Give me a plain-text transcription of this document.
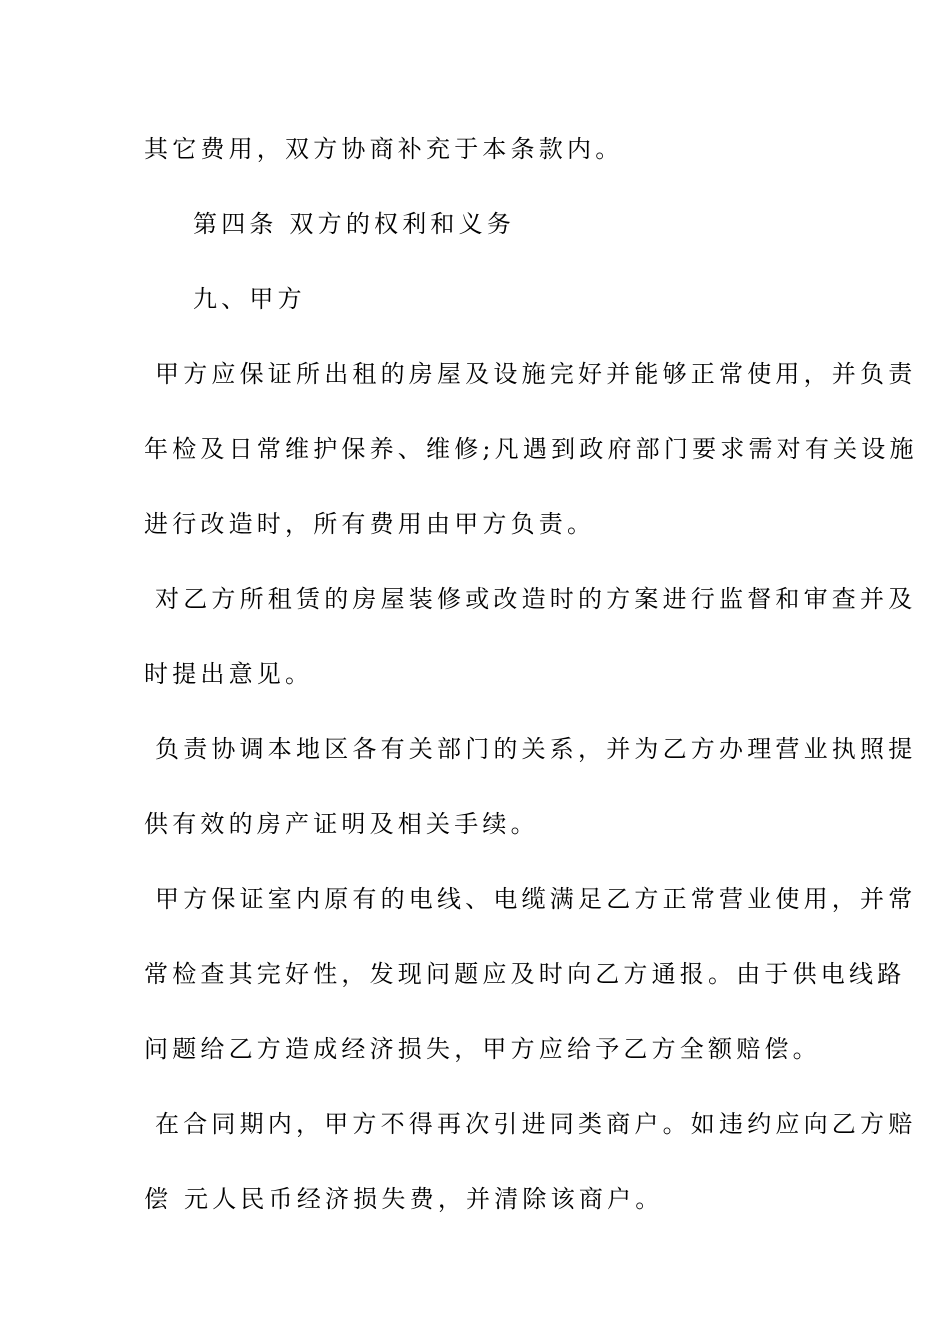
其它费用，双方协商补充于本条款内。

第四条 双方的权利和义务

九、甲方

甲方应保证所出租的房屋及设施完好并能够正常使用，并负责

年检及日常维护保养、维修;凡遇到政府部门要求需对有关设施

进行改造时，所有费用由甲方负责。

对乙方所租赁的房屋装修或改造时的方案进行监督和审查并及

时提出意见。

负责协调本地区各有关部门的关系，并为乙方办理营业执照提

供有效的房产证明及相关手续。

甲方保证室内原有的电线、电缆满足乙方正常营业使用，并常

常检查其完好性，发现问题应及时向乙方通报。由于供电线路

问题给乙方造成经济损失，甲方应给予乙方全额赔偿。

在合同期内，甲方不得再次引进同类商户。如违约应向乙方赔

偿 元人民币经济损失费，并清除该商户。
